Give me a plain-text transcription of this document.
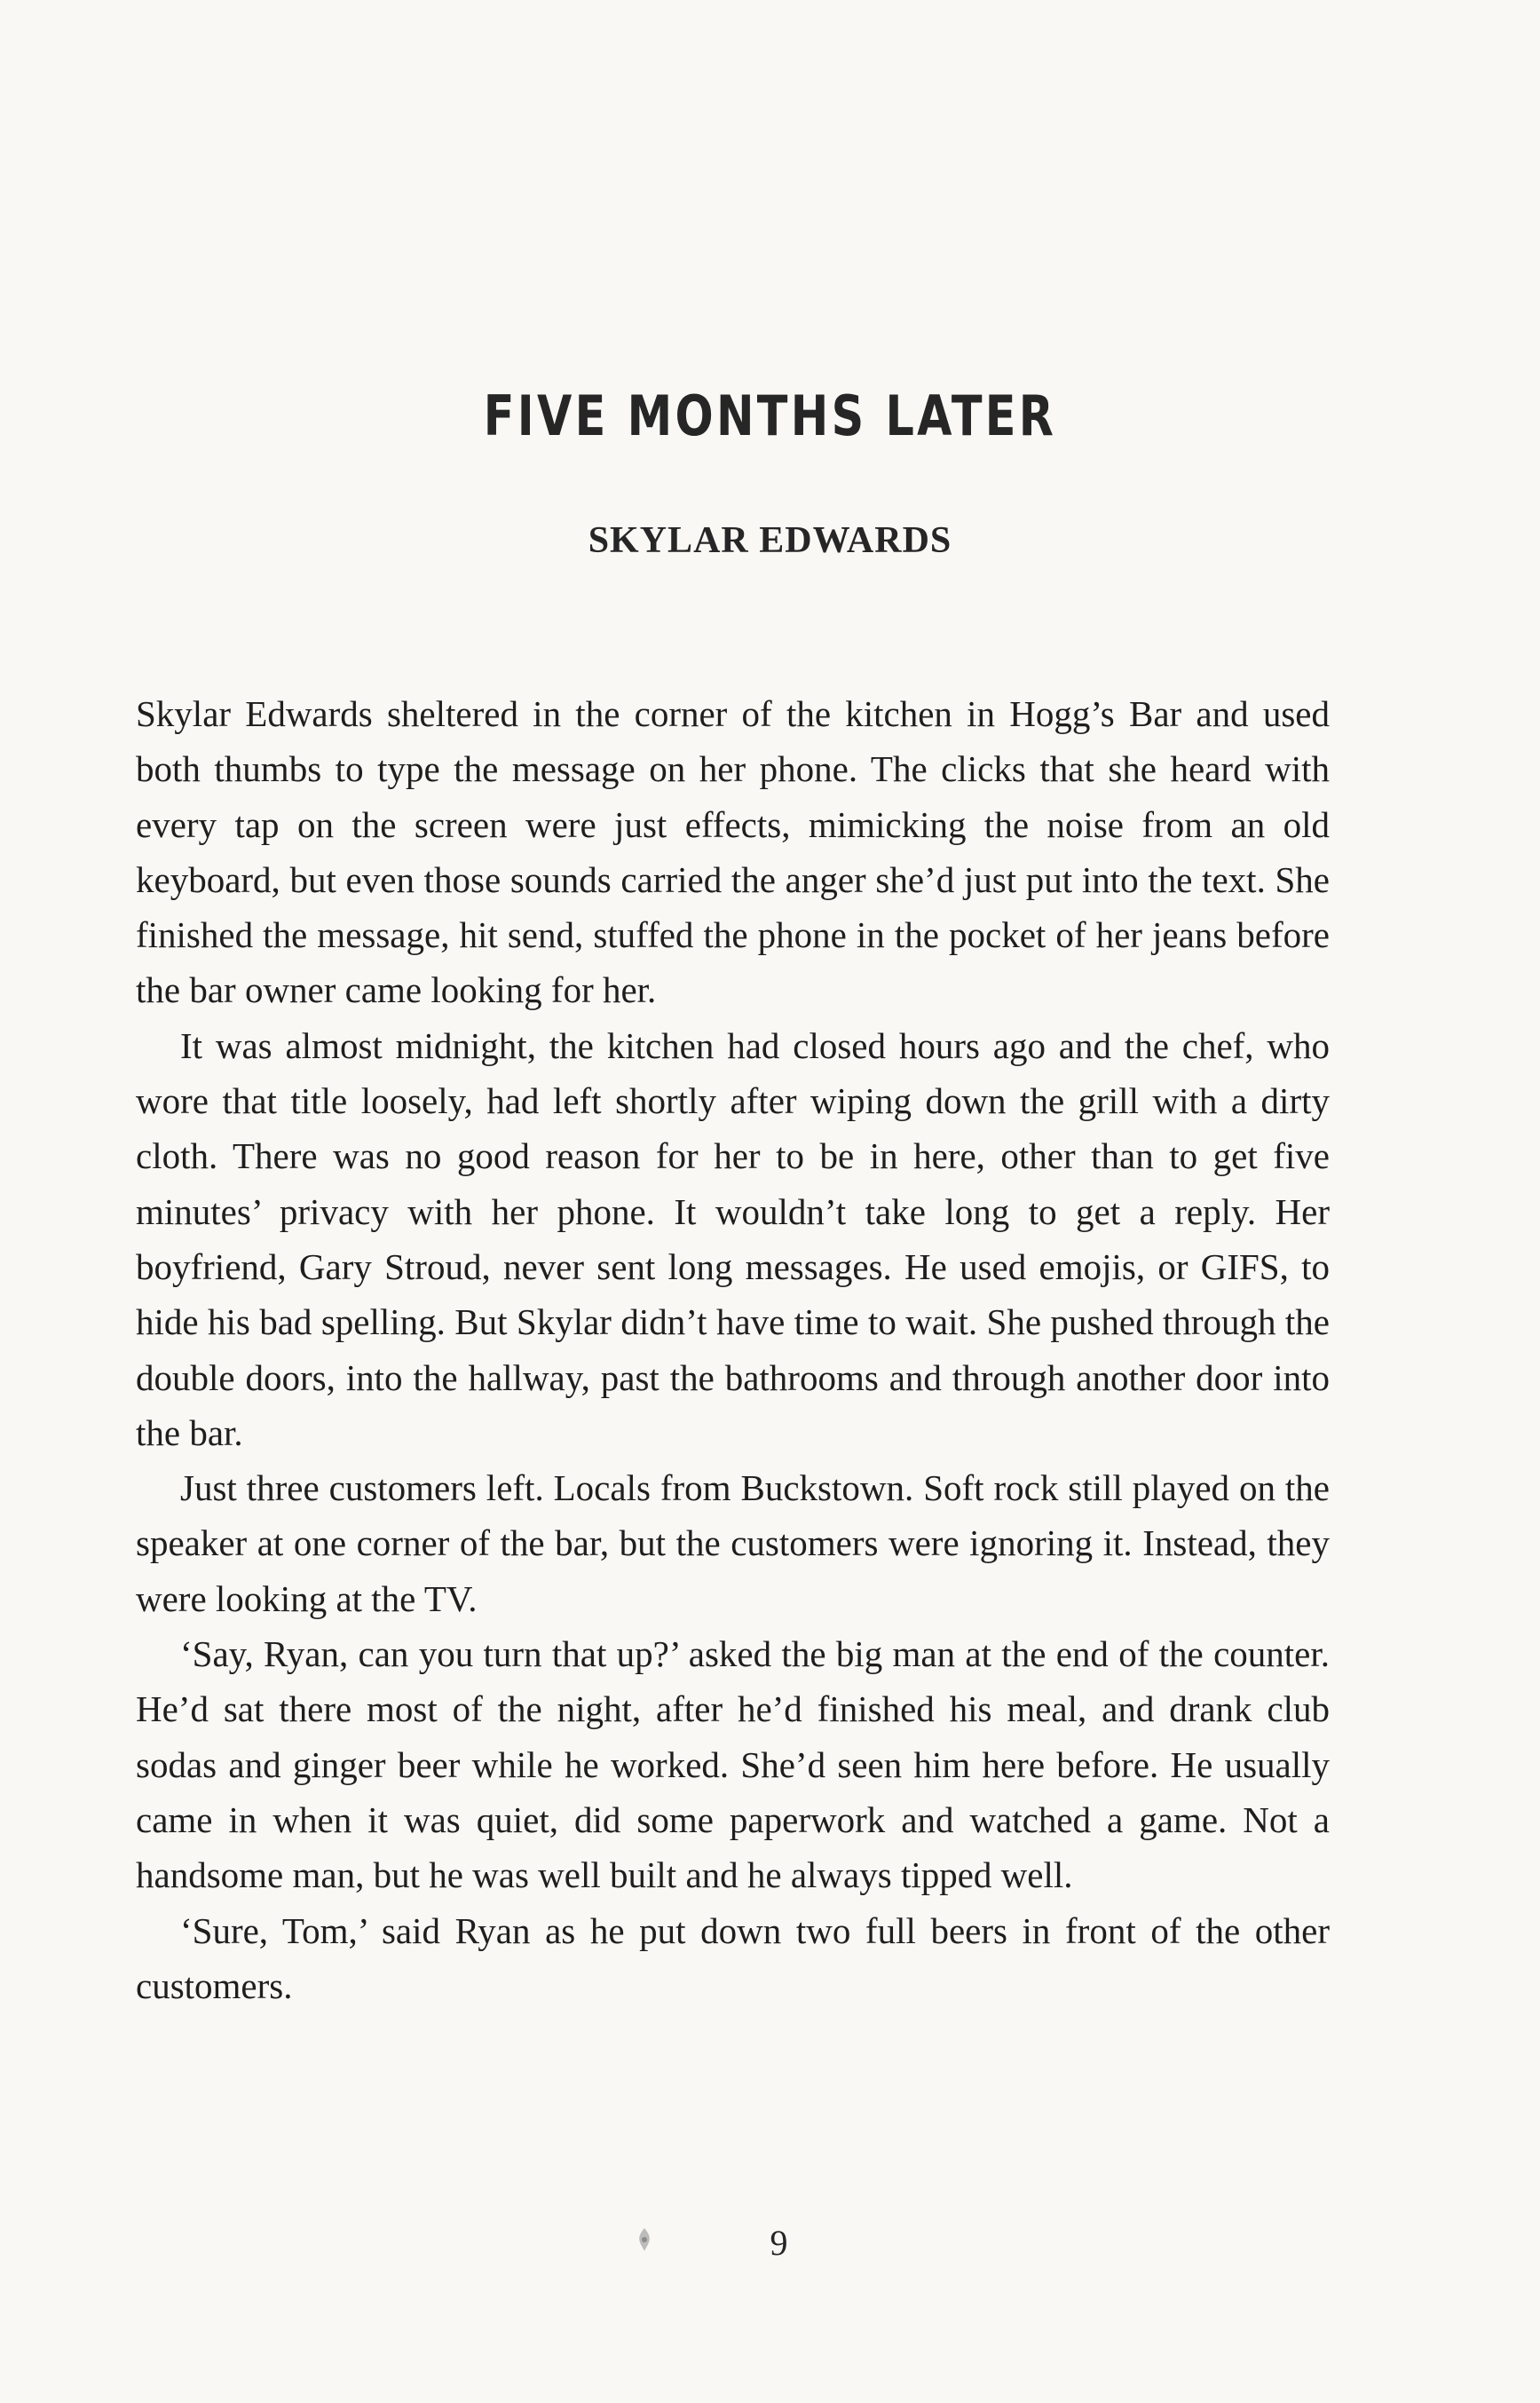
FIVE MONTHS LATER
SKYLAR EDWARDS

Skylar Edwards sheltered in the corner of the kitchen in Hogg’s Bar and used both thumbs to type the message on her phone. The clicks that she heard with every tap on the screen were just effects, mimicking the noise from an old keyboard, but even those sounds carried the anger she’d just put into the text. She finished the message, hit send, stuffed the phone in the pocket of her jeans before the bar owner came looking for her.

It was almost midnight, the kitchen had closed hours ago and the chef, who wore that title loosely, had left shortly after wiping down the grill with a dirty cloth. There was no good reason for her to be in here, other than to get five minutes’ privacy with her phone. It wouldn’t take long to get a reply. Her boyfriend, Gary Stroud, never sent long messages. He used emojis, or GIFS, to hide his bad spelling. But Skylar didn’t have time to wait. She pushed through the double doors, into the hallway, past the bathrooms and through another door into the bar.

Just three customers left. Locals from Buckstown. Soft rock still played on the speaker at one corner of the bar, but the customers were ignoring it. Instead, they were looking at the TV.

‘Say, Ryan, can you turn that up?’ asked the big man at the end of the counter. He’d sat there most of the night, after he’d finished his meal, and drank club sodas and ginger beer while he worked. She’d seen him here before. He usually came in when it was quiet, did some paperwork and watched a game. Not a handsome man, but he was well built and he always tipped well.

‘Sure, Tom,’ said Ryan as he put down two full beers in front of the other customers.

9
